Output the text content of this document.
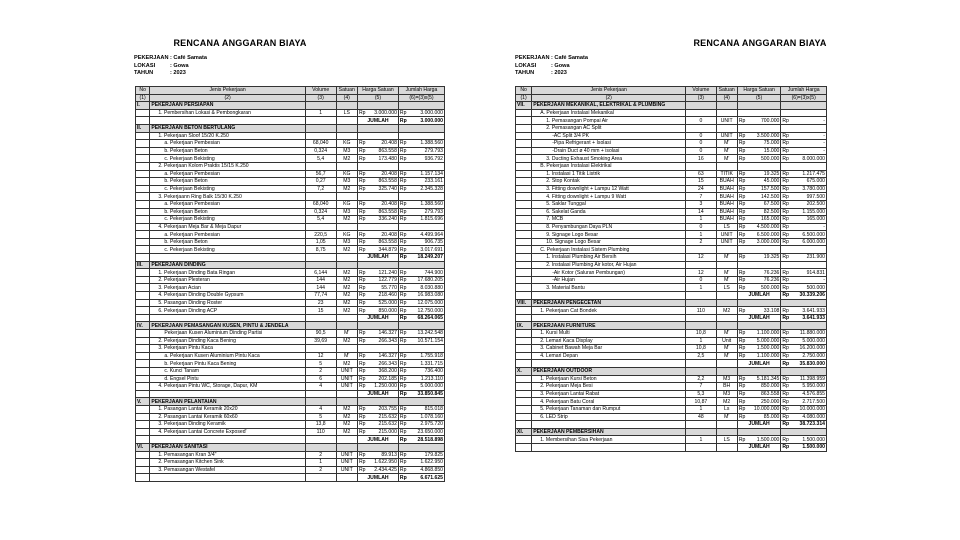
RENCANA ANGGARAN BIAYA
PEKERJAAN: Café Samata
LOKASI	: Gowa
TAHUN	: 2023
No	Jenis Pekerjaan	Volume	Satuan	Harga Satuan	Jumlah Harga
(1)	(2)	(3)	(4)	(5)	(6)=(3)x(5)
I.	PEKERJAAN PERSIAPAN				
	1. Pembersihan Lokasi & Pembongkaran	1	LS	Rp 3.000.000	Rp 3.000.000

				JUMLAH	Rp 3.000.000

II.	PEKERJAAN BETON BERTULANG				
	1. Pekerjaan Sloof 15/20 K.250				
	a. Pekerjaan Pembesian	68,040	KG	Rp 20.408	Rp 1.388.560

	b. Pekerjaan Beton	0,324	M3	Rp 863.558	Rp 279.793

	c. Pekerjaan Bekisting	5,4	M2	Rp 173.480	Rp 936.792

	2. Pekerjaan Kolom Praktis 15/15 K.250				
	a. Pekerjaan Pembesian	56,7	KG	Rp 20.408	Rp 1.157.134

	b. Pekerjaan Beton	0,27	M3	Rp 863.558	Rp 233.161

	c. Pekerjaan Bekisting	7,2	M2	Rp 325.740	Rp 2.345.328

	3. Pekerjaann Ring Balk 15/30 K.250				
	a. Pekerjaan Pembesian	68,040	KG	Rp 20.408	Rp 1.388.560

	b. Pekerjaan Beton	0,324	M3	Rp 863.558	Rp 279.793

	c. Pekerjaan Bekisting	5,4	M2	Rp 336.240	Rp 1.815.696

	4. Pekerjaan Meja Bar & Meja Dapur				
	a. Pekerjaan Pembesian	220,5	KG	Rp 20.408	Rp 4.499.964

	b. Pekerjaan Beton	1,05	M3	Rp 863.558	Rp 906.735

	c. Pekerjaan Bekisting	8,75	M2	Rp 344.879	Rp 3.017.691

				JUMLAH	Rp 18.249.207

III.	PEKERJAAN DINDING				
	1. Pekerjaan Dinding Bata Ringan	6,144	M2	Rp 121.240	Rp 744.900

	2. Pekerjaan Plesteran	144	M2	Rp 122.779	Rp 17.680.205

	3. Pekerjaan Acian	144	M2	Rp 55.770	Rp 8.030.880

	4. Pekerjaan Dinding Double Gypsum	77,74	M2	Rp 218.460	Rp 16.983.080

	5. Pasangan Dinding Roster	23	M2	Rp 525.000	Rp 12.075.000

	6. Pekerjaan Dinding ACP	15	M2	Rp 850.000	Rp 12.750.000

				JUMLAH	Rp 68.264.065

IV.	PEKERJAAN PEMASANGAN KUSEN, PINTU & JENDELA				
	Pekerjaan Kusen Aluminium Dinding Partisi	90,5	M'	Rp 146.327	Rp 13.242.548

	2. Pekerjaan Dinding Kaca Bening	39,69	M2	Rp 266.343	Rp 10.571.154

	3. Pekerjaan Pintu Kaca				
	a. Pekerjaan Kusen Aluminium Pintu Kaca	12	M'	Rp 146.327	Rp 1.755.918

	b. Pekerjaan Pintu Kaca Bening	5	M2	Rp 266.343	Rp 1.331.715

	c. Kunci Tanam	2	UNIT	Rp 368.200	Rp 736.400

	d. Engsel Pintu	6	UNIT	Rp 202.185	Rp 1.213.110

	4. Pekerjaan Pintu WC, Storage, Dapur, KM	4	UNIT	Rp 1.250.000	Rp 5.000.000

				JUMLAH	Rp 33.850.845

V.	PEKERJAAN PELANTAIAN				
	1. Pasangan Lantai Keramik 20x20	4	M2	Rp 203.755	Rp 815.018

	2. Pasangan Lantai Keramik 60x60	5	M2	Rp 215.632	Rp 1.078.160

	3. Pekerjaan Dinding Keramik	13,8	M2	Rp 215.632	Rp 2.975.720

	4. Pekerjaan Lantai Concrete Exposed'	110	M2	Rp 215.000	Rp 23.650.000

				JUMLAH	Rp 28.518.898

VI.	PEKERJAAN SANITASI				
	1. Pemasangan Kran 3/4"	2	UNIT	Rp 89.913	Rp 179.825

	2. Pemasangan Kitchen Sink	1	UNIT	Rp 1.622.950	Rp 1.622.950

	3. Pemasangan Westafel	2	UNIT	Rp 2.434.425	Rp 4.868.850

				JUMLAH	Rp 6.671.625
RENCANA ANGGARAN BIAYA
PEKERJAAN: Café Samata
LOKASI	: Gowa
TAHUN	: 2023
No	Jenis Pekerjaan	Volume	Satuan	Harga Satuan	Jumlah Harga
(1)	(2)	(3)	(4)	(5)	(6)=(3)x(5)
VII.	PEKERJAAN MEKANIKAL, ELEKTRIKAL & PLUMBING				
	A. Pekerjaan Instalasi Mekanikal				
	1. Pemasangan Pompai Air	0	UNIT	Rp 700.000	Rp -

	2. Pemasangan AC Split				
	-AC Split 3/4 PK	0	UNIT	Rp 3.500.000	Rp -

	-Pipa Refrigerant + Isolasi	0	M'	Rp 75.000	Rp -

	-Drain Duct ø 40 mm + isolasi	0	M'	Rp 15.000	Rp -

	3. Ducting Exhaust Smoking Area	16	M'	Rp 500.000	Rp 8.000.000

	B. Pekerjaan Instalasi Elektrikal				
	1. Instalasi 1 Titik Listrik	63	TITIK	Rp 19.325	Rp 1.217.475

	2. Stop Kontak	15	BUAH	Rp 45.000	Rp 675.000

	3. Fitting downlight + Lampu 12 Watt	24	BUAH	Rp 157.500	Rp 3.780.000

	4. Fitting downlight + Lampu 9 Watt	7	BUAH	Rp 142.500	Rp 997.500

	5. Saklar Tunggal	3	BUAH	Rp 67.500	Rp 202.500

	6. Sakelat Ganda	14	BUAH	Rp 82.500	Rp 1.155.000

	7. MCB	1	BUAH	Rp 165.000	Rp 165.000

	8. Penyambungan Daya PLN	0	LS	Rp 4.500.000	Rp -

	9. Signage Logo Besar	1	UNIT	Rp 6.500.000	Rp 6.500.000

	10. Signage Logo Besar	2	UNIT	Rp 3.000.000	Rp 6.000.000

	C. Pekerjaan Instalasi Sistem Plumbing				
	1. Instalasi Plumbing Air Bersih	12	M'	Rp 19.325	Rp 231.900

	2. Instalasi Plumbing Air kotor, Air Hujan				
	-Air Kotor (Saluran Pembungan)	12	M'	Rp 76.236	Rp 914.831

	-Air Hujan	0	M'	Rp 76.236	Rp -

	3. Material Bantu	1	LS	Rp 500.000	Rp 500.000

				JUMLAH	Rp 30.339.206

VIII.	PEKERJAAN PENGECETAN				
	1. Pekerjaan Cat Bondek	110	M2	Rp 33.108	Rp 3.641.933

				JUMLAH	Rp 3.641.933

IX.	PEKERJAAN FURNITURE				
	1. Kursi Multi	10,8	M'	Rp 1.100.000	Rp 11.880.000

	2. Lemari Kaca Display	1	Unit	Rp 5.000.000	Rp 5.000.000

	3. Cabinet Bawah Meja Bar	10,8	M'	Rp 1.500.000	Rp 16.200.000

	4. Lemari Depan	2,5	M'	Rp 1.100.000	Rp 2.750.000

				JUMLAH	Rp 35.830.000

X.	PEKERJAAN OUTDOOR				
	1. Pekerjaan Kursi Beton	2,2	M3	Rp 5.181.345	Rp 11.398.959

	2. Pekerjaan Meja Besi	7	BH	Rp 850.000	Rp 5.950.000

	3. Pekerjaan Lantai Rabat	5,3	M3	Rp 863.558	Rp 4.576.855

	4. Pekerjaan Batu Coral	10,87	M2	Rp 250.000	Rp 2.717.500

	5. Pekerjaan Tanaman dan Rumput	1	Ls	Rp 10.000.000	Rp 10.000.000

	6. LED Strip	48	M'	Rp 85.000	Rp 4.080.000

				JUMLAH	Rp 38.723.314

XI.	PEKERJAAN PEMBERSIHAN				
	1. Membersihan Sisa Pekerjaan	1	LS	Rp 1.500.000	Rp 1.500.000

				JUMLAH	Rp 1.500.000
